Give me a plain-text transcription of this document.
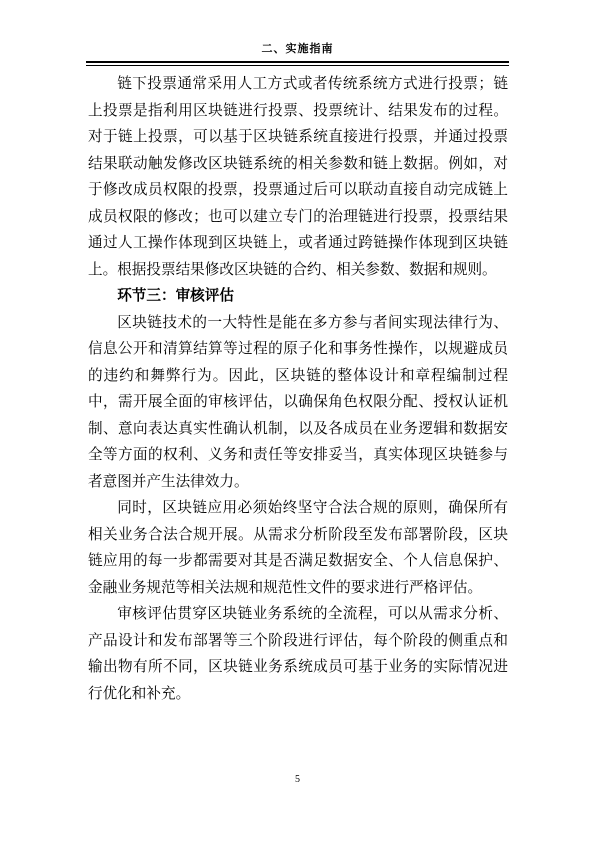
二、实施指南

链下投票通常采用人工方式或者传统系统方式进行投票；链上投票是指利用区块链进行投票、投票统计、结果发布的过程。对于链上投票，可以基于区块链系统直接进行投票，并通过投票结果联动触发修改区块链系统的相关参数和链上数据。例如，对于修改成员权限的投票，投票通过后可以联动直接自动完成链上成员权限的修改；也可以建立专门的治理链进行投票，投票结果通过人工操作体现到区块链上，或者通过跨链操作体现到区块链上。根据投票结果修改区块链的合约、相关参数、数据和规则。

环节三：审核评估

区块链技术的一大特性是能在多方参与者间实现法律行为、信息公开和清算结算等过程的原子化和事务性操作，以规避成员的违约和舞弊行为。因此，区块链的整体设计和章程编制过程中，需开展全面的审核评估，以确保角色权限分配、授权认证机制、意向表达真实性确认机制，以及各成员在业务逻辑和数据安全等方面的权利、义务和责任等安排妥当，真实体现区块链参与者意图并产生法律效力。

同时，区块链应用必须始终坚守合法合规的原则，确保所有相关业务合法合规开展。从需求分析阶段至发布部署阶段，区块链应用的每一步都需要对其是否满足数据安全、个人信息保护、金融业务规范等相关法规和规范性文件的要求进行严格评估。

审核评估贯穿区块链业务系统的全流程，可以从需求分析、产品设计和发布部署等三个阶段进行评估，每个阶段的侧重点和输出物有所不同，区块链业务系统成员可基于业务的实际情况进行优化和补充。

5
